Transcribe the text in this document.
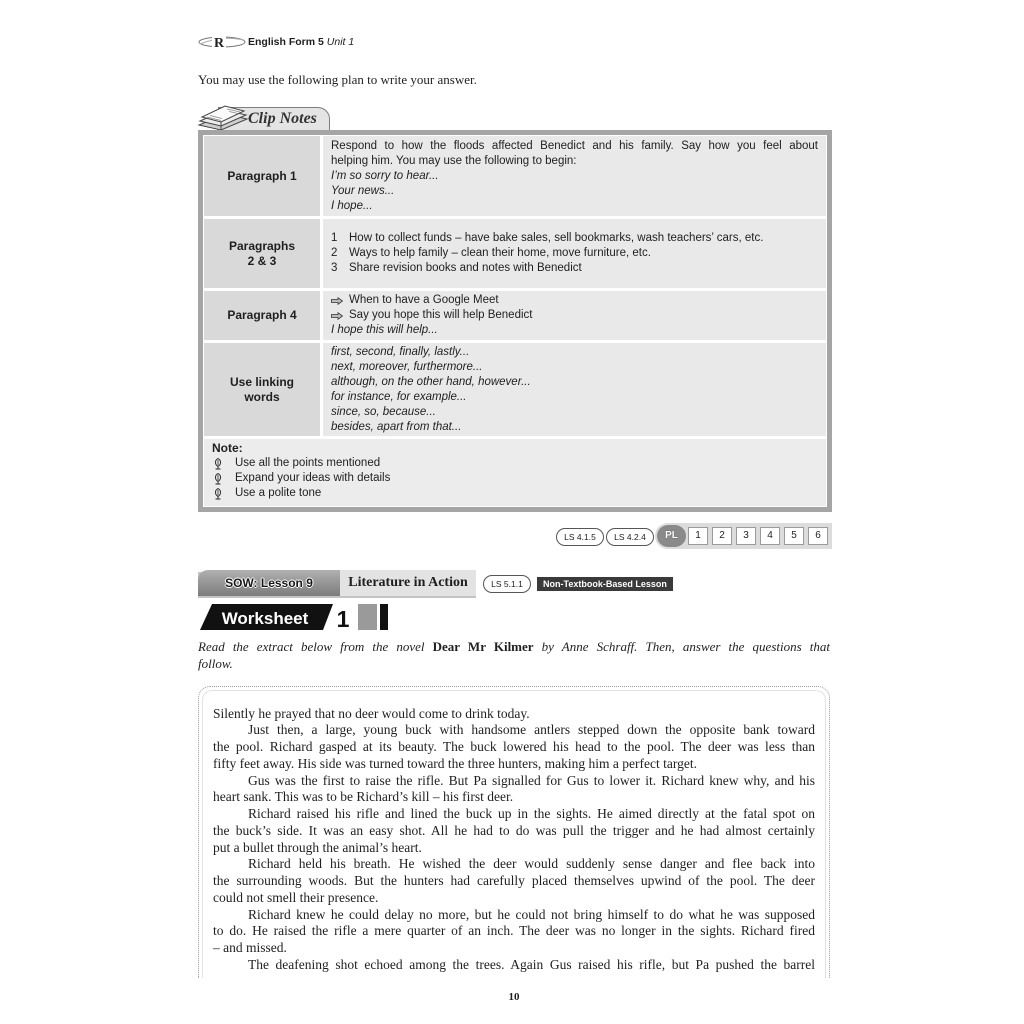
R English Form 5 Unit 1
You may use the following plan to write your answer.
Clip Notes
Paragraph 1
Respond to how the floods affected Benedict and his family. Say how you feel about
helping him. You may use the following to begin:
I’m so sorry to hear...
Your news...
I hope...
Paragraphs
2 & 3
1	How to collect funds – have bake sales, sell bookmarks, wash teachers’ cars, etc.
2	Ways to help family – clean their home, move furniture, etc.
3	Share revision books and notes with Benedict
Paragraph 4
When to have a Google Meet
Say you hope this will help Benedict
I hope this will help...
Use linking
words
first, second, finally, lastly...
next, moreover, furthermore...
although, on the other hand, however...
for instance, for example...
since, so, because...
besides, apart from that...
Note:
Use all the points mentioned
Expand your ideas with details
Use a polite tone
LS 4.1.5	LS 4.2.4	PL	1	2	3	4	5	6
SOW: Lesson 9	Literature in Action	LS 5.1.1	Non-Textbook-Based Lesson
Worksheet 1
Read the extract below from the novel Dear Mr Kilmer by Anne Schraff. Then, answer the questions that
follow.
Silently he prayed that no deer would come to drink today.
Just then, a large, young buck with handsome antlers stepped down the opposite bank toward
the pool. Richard gasped at its beauty. The buck lowered his head to the pool. The deer was less than
fifty feet away. His side was turned toward the three hunters, making him a perfect target.
Gus was the first to raise the rifle. But Pa signalled for Gus to lower it. Richard knew why, and his
heart sank. This was to be Richard’s kill – his first deer.
Richard raised his rifle and lined the buck up in the sights. He aimed directly at the fatal spot on
the buck’s side. It was an easy shot. All he had to do was pull the trigger and he had almost certainly
put a bullet through the animal’s heart.
Richard held his breath. He wished the deer would suddenly sense danger and flee back into
the surrounding woods. But the hunters had carefully placed themselves upwind of the pool. The deer
could not smell their presence.
Richard knew he could delay no more, but he could not bring himself to do what he was supposed
to do. He raised the rifle a mere quarter of an inch. The deer was no longer in the sights. Richard fired
– and missed.
The deafening shot echoed among the trees. Again Gus raised his rifle, but Pa pushed the barrel
10
